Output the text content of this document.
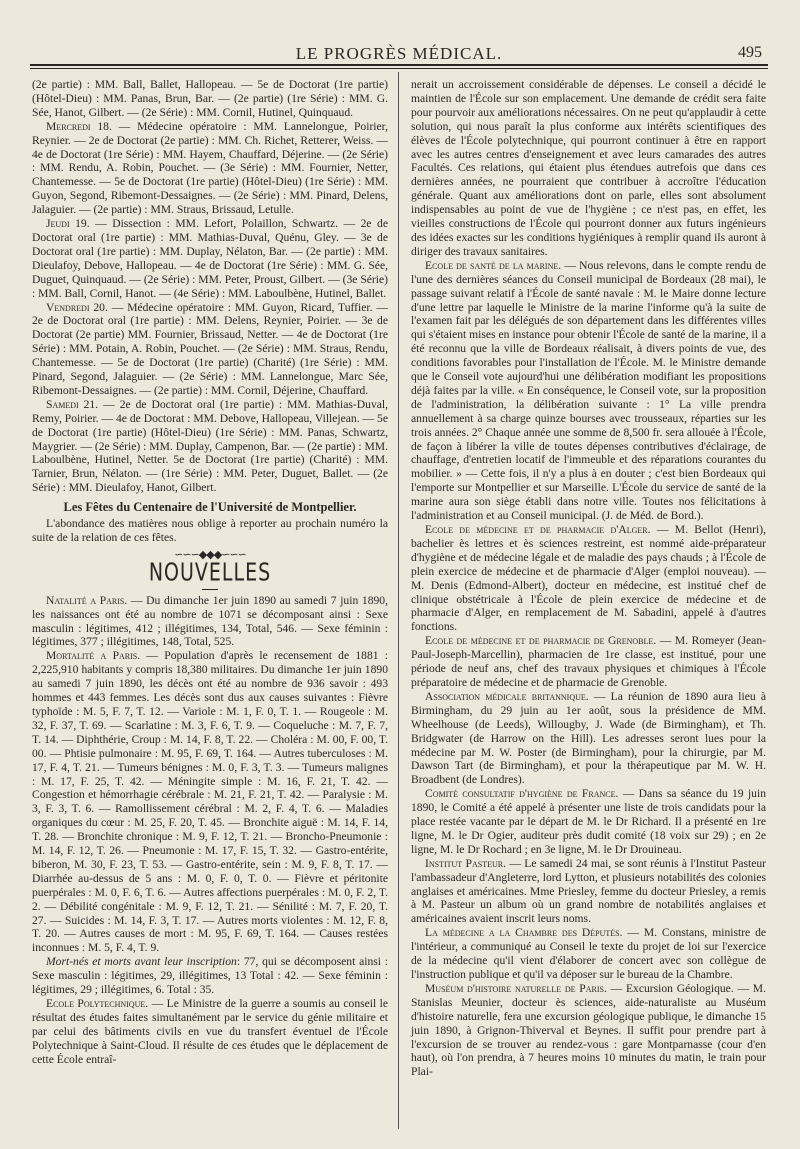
LE PROGRÈS MÉDICAL.	495

(2e partie) : MM. Ball, Ballet, Hallopeau. — 5e de Doctorat (1re partie) (Hôtel-Dieu) : MM. Panas, Brun, Bar. — (2e partie) (1re Série) : MM. G. Sée, Hanot, Gilbert. — (2e Série) : MM. Cornil, Hutinel, Quinquaud.

Mercredi 18. — Médecine opératoire : MM. Lannelongue, Poirier, Reynier. — 2e de Doctorat (2e partie) : MM. Ch. Richet, Retterer, Weiss. — 4e de Doctorat (1re Série) : MM. Hayem, Chauffard, Déjerine. — (2e Série) : MM. Rendu, A. Robin, Pouchet. — (3e Série) : MM. Fournier, Netter, Chantemesse. — 5e de Doctorat (1re partie) (Hôtel-Dieu) (1re Série) : MM. Guyon, Segond, Ribemont-Dessaignes. — (2e Série) : MM. Pinard, Delens, Jalaguier. — (2e partie) : MM. Straus, Brissaud, Letulle.

Jeudi 19. — Dissection : MM. Lefort, Polaillon, Schwartz. — 2e de Doctorat oral (1re partie) : MM. Mathias-Duval, Quénu, Gley. — 3e de Doctorat oral (1re partie) : MM. Duplay, Nélaton, Bar. — (2e partie) : MM. Dieulafoy, Debove, Hallopeau. — 4e de Doctorat (1re Série) : MM. G. Sée, Duguet, Quinquaud. — (2e Série) : MM. Peter, Proust, Gilbert. — (3e Série) : MM. Ball, Cornil, Hanot. — (4e Série) : MM. Laboulbène, Hutinel, Ballet.

Vendredi 20. — Médecine opératoire : MM. Guyon, Ricard, Tuffier. — 2e de Doctorat oral (1re partie) : MM. Delens, Reynier, Poirier. — 3e de Doctorat (2e partie) MM. Fournier, Brissaud, Netter. — 4e de Doctorat (1re Série) : MM. Potain, A. Robin, Pouchet. — (2e Série) : MM. Straus, Rendu, Chantemesse. — 5e de Doctorat (1re partie) (Charité) (1re Série) : MM. Pinard, Segond, Jalaguier. — (2e Série) : MM. Lannelongue, Marc Sée, Ribemont-Dessaignes. — (2e partie) : MM. Cornil, Déjerine, Chauffard.

Samedi 21. — 2e de Doctorat oral (1re partie) : MM. Mathias-Duval, Remy, Poirier. — 4e de Doctorat : MM. Debove, Hallopeau, Villejean. — 5e de Doctorat (1re partie) (Hôtel-Dieu) (1re Série) : MM. Panas, Schwartz, Maygrier. — (2e Série) : MM. Duplay, Campenon, Bar. — (2e partie) : MM. Laboulbène, Hutinel, Netter. 5e de Doctorat (1re partie) (Charité) : MM. Tarnier, Brun, Nélaton. — (1re Série) : MM. Peter, Duguet, Ballet. — (2e Série) : MM. Dieulafoy, Hanot, Gilbert.

Les Fêtes du Centenaire de l'Université de Montpellier.

L'abondance des matières nous oblige à reporter au prochain numéro la suite de la relation de ces fêtes.

∽∽∽◆◆◆∽∽∽
NOUVELLES

Natalité a Paris. — Du dimanche 1er juin 1890 au samedi 7 juin 1890, les naissances ont été au nombre de 1071 se décomposant ainsi : Sexe masculin : légitimes, 412 ; illégitimes, 134, Total, 546. — Sexe féminin : légitimes, 377 ; illégitimes, 148, Total, 525.

Mortalité a Paris. — Population d'après le recensement de 1881 : 2,225,910 habitants y compris 18,380 militaires. Du dimanche 1er juin 1890 au samedi 7 juin 1890, les décès ont été au nombre de 936 savoir : 493 hommes et 443 femmes. Les décès sont dus aux causes suivantes : Fièvre typhoïde : M. 5, F. 7, T. 12. — Variole : M. 1, F. 0, T. 1. — Rougeole : M. 32, F. 37, T. 69. — Scarlatine : M. 3, F. 6, T. 9. — Coqueluche : M. 7, F. 7, T. 14. — Diphthérie, Croup : M. 14, F. 8, T. 22. — Choléra : M. 00, F. 00, T. 00. — Phtisie pulmonaire : M. 95, F. 69, T. 164. — Autres tuberculoses : M. 17, F. 4, T. 21. — Tumeurs bénignes : M. 0, F. 3, T. 3. — Tumeurs malignes : M. 17, F. 25, T. 42. — Méningite simple : M. 16, F. 21, T. 42. — Congestion et hémorrhagie cérébrale : M. 21, F. 21, T. 42. — Paralysie : M. 3, F. 3, T. 6. — Ramollissement cérébral : M. 2, F. 4, T. 6. — Maladies organiques du cœur : M. 25, F. 20, T. 45. — Bronchite aiguë : M. 14, F. 14, T. 28. — Bronchite chronique : M. 9, F. 12, T. 21. — Broncho-Pneumonie : M. 14, F. 12, T. 26. — Pneumonie : M. 17, F. 15, T. 32. — Gastro-entérite, biberon, M. 30, F. 23, T. 53. — Gastro-entérite, sein : M. 9, F. 8, T. 17. — Diarrhée au-dessus de 5 ans : M. 0, F. 0, T. 0. — Fièvre et péritonite puerpérales : M. 0, F. 6, T. 6. — Autres affections puerpérales : M. 0, F. 2, T. 2. — Débilité congénitale : M. 9, F. 12, T. 21. — Sénilité : M. 7, F. 20, T. 27. — Suicides : M. 14, F. 3, T. 17. — Autres morts violentes : M. 12, F. 8, T. 20. — Autres causes de mort : M. 95, F. 69, T. 164. — Causes restées inconnues : M. 5, F. 4, T. 9.

Mort-nés et morts avant leur inscription: 77, qui se décomposent ainsi : Sexe masculin : légitimes, 29, illégitimes, 13 Total : 42. — Sexe féminin : légitimes, 29 ; illégitimes, 6. Total : 35.

Ecole Polytechnique. — Le Ministre de la guerre a soumis au conseil le résultat des études faites simultanément par le service du génie militaire et par celui des bâtiments civils en vue du transfert éventuel de l'École Polytechnique à Saint-Cloud. Il résulte de ces études que le déplacement de cette École entraî-

nerait un accroissement considérable de dépenses. Le conseil a décidé le maintien de l'École sur son emplacement. Une demande de crédit sera faite pour pourvoir aux améliorations nécessaires. On ne peut qu'applaudir à cette solution, qui nous paraît la plus conforme aux intérêts scientifiques des élèves de l'École polytechnique, qui pourront continuer à être en rapport avec les autres centres d'enseignement et avec leurs camarades des autres Facultés. Ces relations, qui étaient plus étendues autrefois que dans ces dernières années, ne pourraient que contribuer à accroître l'éducation générale. Quant aux améliorations dont on parle, elles sont absolument indispensables au point de vue de l'hygiène ; ce n'est pas, en effet, les vieilles constructions de l'École qui pourront donner aux futurs ingénieurs des idées exactes sur les conditions hygiéniques à remplir quand ils auront à diriger des travaux sanitaires.

Ecole de santé de la marine. — Nous relevons, dans le compte rendu de l'une des dernières séances du Conseil municipal de Bordeaux (28 mai), le passage suivant relatif à l'École de santé navale : M. le Maire donne lecture d'une lettre par laquelle le Ministre de la marine l'informe qu'à la suite de l'examen fait par les délégués de son département dans les différentes villes qui s'étaient mises en instance pour obtenir l'École de santé de la marine, il a été reconnu que la ville de Bordeaux réalisait, à divers points de vue, des conditions favorables pour l'installation de l'École. M. le Ministre demande que le Conseil vote aujourd'hui une délibération modifiant les propositions déjà faites par la ville. « En conséquence, le Conseil vote, sur la proposition de l'administration, la délibération suivante : 1° La ville prendra annuellement à sa charge quinze bourses avec trousseaux, réparties sur les trois années. 2° Chaque année une somme de 8,500 fr. sera allouée à l'École, de façon à libérer la ville de toutes dépenses contributives d'éclairage, de chauffage, d'entretien locatif de l'immeuble et des réparations courantes du mobilier. » — Cette fois, il n'y a plus à en douter ; c'est bien Bordeaux qui l'emporte sur Montpellier et sur Marseille. L'École du service de santé de la marine aura son siège établi dans notre ville. Toutes nos félicitations à l'administration et au Conseil municipal. (J. de Méd. de Bord.).

Ecole de médecine et de pharmacie d'Alger. — M. Bellot (Henri), bachelier ès lettres et ès sciences restreint, est nommé aide-préparateur d'hygiène et de médecine légale et de maladie des pays chauds ; à l'École de plein exercice de médecine et de pharmacie d'Alger (emploi nouveau). — M. Denis (Edmond-Albert), docteur en médecine, est institué chef de clinique obstétricale à l'École de plein exercice de médecine et de pharmacie d'Alger, en remplacement de M. Sabadini, appelé à d'autres fonctions.

Ecole de médecine et de pharmacie de Grenoble. — M. Romeyer (Jean-Paul-Joseph-Marcellin), pharmacien de 1re classe, est institué, pour une période de neuf ans, chef des travaux physiques et chimiques à l'École préparatoire de médecine et de pharmacie de Grenoble.

Association médicale britannique. — La réunion de 1890 aura lieu à Birmingham, du 29 juin au 1er août, sous la présidence de MM. Wheelhouse (de Leeds), Willougby, J. Wade (de Birmingham), et Th. Bridgwater (de Harrow on the Hill). Les adresses seront lues pour la médecine par M. W. Poster (de Birmingham), pour la chirurgie, par M. Dawson Tart (de Birmingham), et pour la thérapeutique par M. W. H. Broadbent (de Londres).

Comité consultatif d'hygiène de France. — Dans sa séance du 19 juin 1890, le Comité a été appelé à présenter une liste de trois candidats pour la place restée vacante par le départ de M. le Dr Richard. Il a présenté en 1re ligne, M. le Dr Ogier, auditeur près dudit comité (18 voix sur 29) ; en 2e ligne, M. le Dr Rochard ; en 3e ligne, M. le Dr Drouineau.

Institut Pasteur. — Le samedi 24 mai, se sont réunis à l'Institut Pasteur l'ambassadeur d'Angleterre, lord Lytton, et plusieurs notabilités des colonies anglaises et américaines. Mme Priesley, femme du docteur Priesley, a remis à M. Pasteur un album où un grand nombre de notabilités anglaises et américaines avaient inscrit leurs noms.

La médecine a la Chambre des Députés. — M. Constans, ministre de l'intérieur, a communiqué au Conseil le texte du projet de loi sur l'exercice de la médecine qu'il vient d'élaborer de concert avec son collègue de l'instruction publique et qu'il va déposer sur le bureau de la Chambre.

Muséum d'histoire naturelle de Paris. — Excursion Géologique. — M. Stanislas Meunier, docteur ès sciences, aide-naturaliste au Muséum d'histoire naturelle, fera une excursion géologique publique, le dimanche 15 juin 1890, à Grignon-Thiverval et Beynes. Il suffit pour prendre part à l'excursion de se trouver au rendez-vous : gare Montparnasse (cour d'en haut), où l'on prendra, à 7 heures moins 10 minutes du matin, le train pour Plai-
